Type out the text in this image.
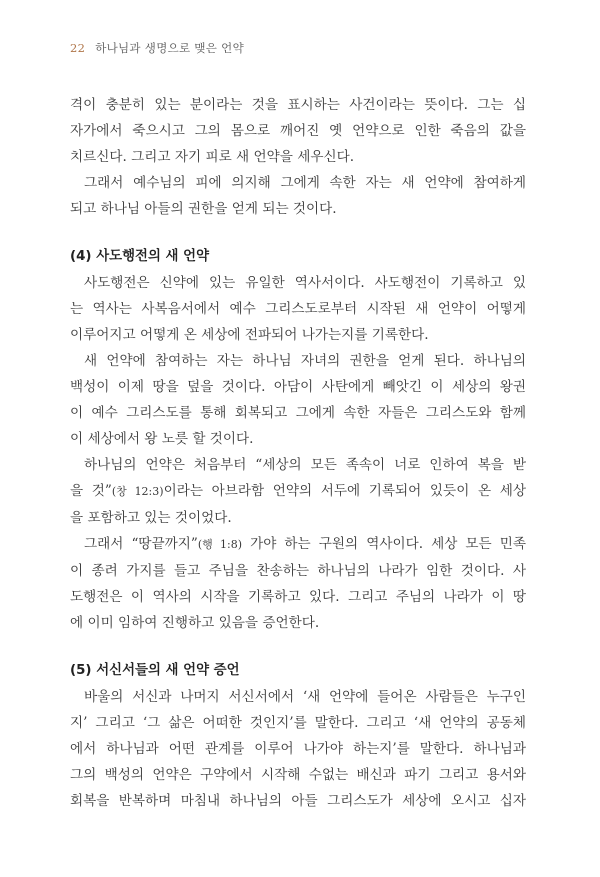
22 하나님과 생명으로 맺은 언약

격이 충분히 있는 분이라는 것을 표시하는 사건이라는 뜻이다. 그는 십
자가에서 죽으시고 그의 몸으로 깨어진 옛 언약으로 인한 죽음의 값을
치르신다. 그리고 자기 피로 새 언약을 세우신다.

그래서 예수님의 피에 의지해 그에게 속한 자는 새 언약에 참여하게
되고 하나님 아들의 권한을 얻게 되는 것이다.

(4) 사도행전의 새 언약

사도행전은 신약에 있는 유일한 역사서이다. 사도행전이 기록하고 있
는 역사는 사복음서에서 예수 그리스도로부터 시작된 새 언약이 어떻게
이루어지고 어떻게 온 세상에 전파되어 나가는지를 기록한다.

새 언약에 참여하는 자는 하나님 자녀의 권한을 얻게 된다. 하나님의
백성이 이제 땅을 덮을 것이다. 아담이 사탄에게 빼앗긴 이 세상의 왕권
이 예수 그리스도를 통해 회복되고 그에게 속한 자들은 그리스도와 함께
이 세상에서 왕 노릇 할 것이다.

하나님의 언약은 처음부터 “세상의 모든 족속이 너로 인하여 복을 받
을 것”(창 12:3)이라는 아브라함 언약의 서두에 기록되어 있듯이 온 세상
을 포함하고 있는 것이었다.

그래서 “땅끝까지”(행 1:8) 가야 하는 구원의 역사이다. 세상 모든 민족
이 종려 가지를 들고 주님을 찬송하는 하나님의 나라가 임한 것이다. 사
도행전은 이 역사의 시작을 기록하고 있다. 그리고 주님의 나라가 이 땅
에 이미 임하여 진행하고 있음을 증언한다.

(5) 서신서들의 새 언약 증언

바울의 서신과 나머지 서신서에서 ‘새 언약에 들어온 사람들은 누구인
지’ 그리고 ‘그 삶은 어떠한 것인지’를 말한다. 그리고 ‘새 언약의 공동체
에서 하나님과 어떤 관계를 이루어 나가야 하는지’를 말한다. 하나님과
그의 백성의 언약은 구약에서 시작해 수없는 배신과 파기 그리고 용서와
회복을 반복하며 마침내 하나님의 아들 그리스도가 세상에 오시고 십자
